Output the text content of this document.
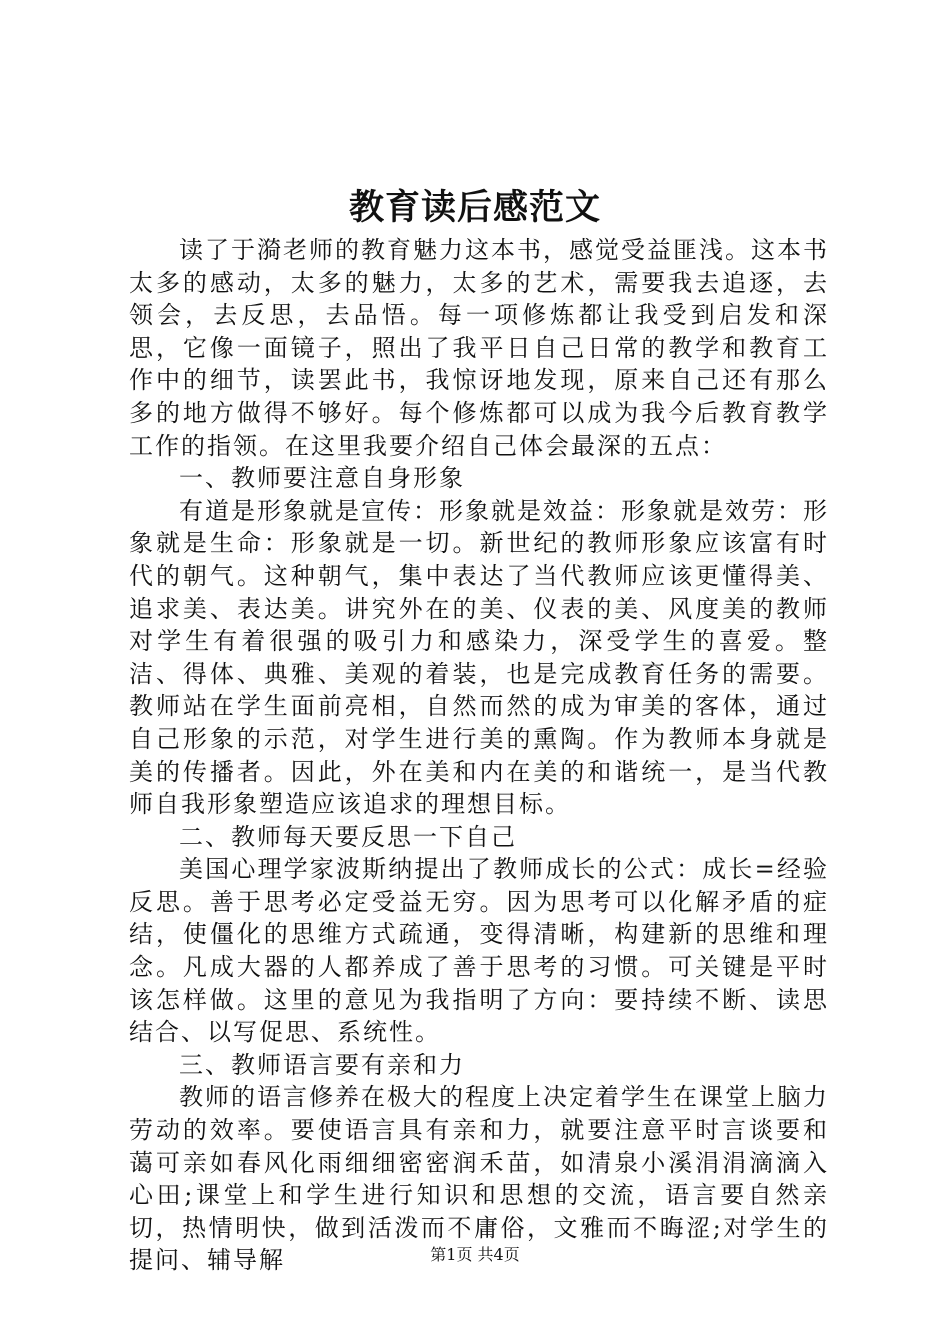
教育读后感范文

读了于漪老师的教育魅力这本书，感觉受益匪浅。这本书太多的感动，太多的魅力，太多的艺术，需要我去追逐，去领会，去反思，去品悟。每一项修炼都让我受到启发和深思，它像一面镜子，照出了我平日自己日常的教学和教育工作中的细节，读罢此书，我惊讶地发现，原来自己还有那么多的地方做得不够好。每个修炼都可以成为我今后教育教学工作的指领。在这里我要介绍自己体会最深的五点：

一、教师要注意自身形象

有道是形象就是宣传：形象就是效益：形象就是效劳：形象就是生命：形象就是一切。新世纪的教师形象应该富有时代的朝气。这种朝气，集中表达了当代教师应该更懂得美、追求美、表达美。讲究外在的美、仪表的美、风度美的教师对学生有着很强的吸引力和感染力，深受学生的喜爱。整洁、得体、典雅、美观的着装，也是完成教育任务的需要。教师站在学生面前亮相，自然而然的成为审美的客体，通过自己形象的示范，对学生进行美的熏陶。作为教师本身就是美的传播者。因此，外在美和内在美的和谐统一，是当代教师自我形象塑造应该追求的理想目标。

二、教师每天要反思一下自己

美国心理学家波斯纳提出了教师成长的公式：成长=经验反思。善于思考必定受益无穷。因为思考可以化解矛盾的症结，使僵化的思维方式疏通，变得清晰，构建新的思维和理念。凡成大器的人都养成了善于思考的习惯。可关键是平时该怎样做。这里的意见为我指明了方向：要持续不断、读思结合、以写促思、系统性。

三、教师语言要有亲和力

教师的语言修养在极大的程度上决定着学生在课堂上脑力劳动的效率。要使语言具有亲和力，就要注意平时言谈要和蔼可亲如春风化雨细细密密润禾苗，如清泉小溪涓涓滴滴入心田;课堂上和学生进行知识和思想的交流，语言要自然亲切，热情明快，做到活泼而不庸俗，文雅而不晦涩;对学生的提问、辅导解	第1页 共4页
